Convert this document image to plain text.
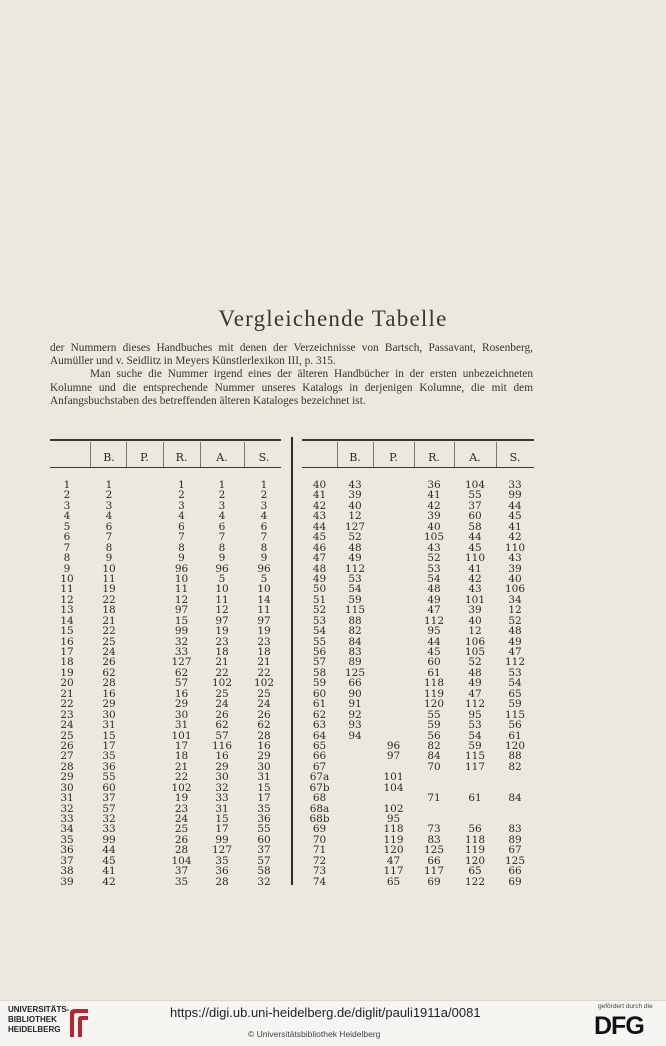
Vergleichende Tabelle

der Nummern dieses Handbuches mit denen der Verzeichnisse von Bartsch, Passavant, Rosenberg, Aumüller und v. Seidlitz in Meyers Künstlerlexikon III, p. 315.

Man suche die Nummer irgend eines der älteren Handbücher in der ersten unbezeichneten Kolumne und die entsprechende Nummer unseres Katalogs in derjenigen Kolumne, die mit dem Anfangsbuchstaben des betreffenden älteren Kataloges bezeichnet ist.

1
2
3
4
5
6
7
8
9
10
11
12
13
14
15
16
17
18
19
20
21
22
23
24
25
26
27
28
29
30
31
32
33
34
35
36
37
38
39
B.
1
2
3
4
6
7
8
9
10
11
19
22
18
21
22
25
24
26
62
28
16
29
30
31
15
17
35
36
55
60
37
57
32
33
99
44
45
41
42
P.	R.
1
2
3
4
6
7
8
9
96
10
11
12
97
15
99
32
33
127
62
57
16
29
30
31
101
17
18
21
22
102
19
23
24
25
26
28
104
37
35
A.
1
2
3
4
6
7
8
9
96
5
10
11
12
97
19
23
18
21
22
102
25
24
26
62
57
116
16
29
30
32
33
31
15
17
99
127
35
36
28
S.
1
2
3
4
6
7
8
9
96
5
10
14
11
97
19
23
18
21
22
102
25
24
26
62
28
16
29
30
31
15
17
35
36
55
60
37
57
58
32
40
41
42
43
44
45
46
47
48
49
50
51
52
53
54
55
56
57
58
59
60
61
62
63
64
65
66
67
67a
67b
68
68a
68b
69
70
71
72
73
74
B.
43
39
40
12
127
52
48
49
112
53
54
59
115
88
82
84
83
89
125
66
90
91
92
93
94
P.
96
97
101
104
102
95
118
119
120
47
117
65
R.
36
41
42
39
40
105
43
52
53
54
48
49
47
112
95
44
45
60
61
118
119
120
55
59
56
82
84
70
71
73
83
125
66
117
69
A.
104
55
37
60
58
44
45
110
41
42
43
101
39
40
12
106
105
52
48
49
47
112
95
53
54
59
115
117
61
56
118
119
120
65
122
S.
33
99
44
45
41
42
110
43
39
40
106
34
12
52
48
49
47
112
53
54
65
59
115
56
61
120
88
82
84
83
89
67
125
66
69
UNIVERSITÄTS-
BIBLIOTHEK
HEIDELBERG
https://digi.ub.uni-heidelberg.de/diglit/pauli1911a/0081
© Universitätsbibliothek Heidelberg
gefördert durch die
DFG
